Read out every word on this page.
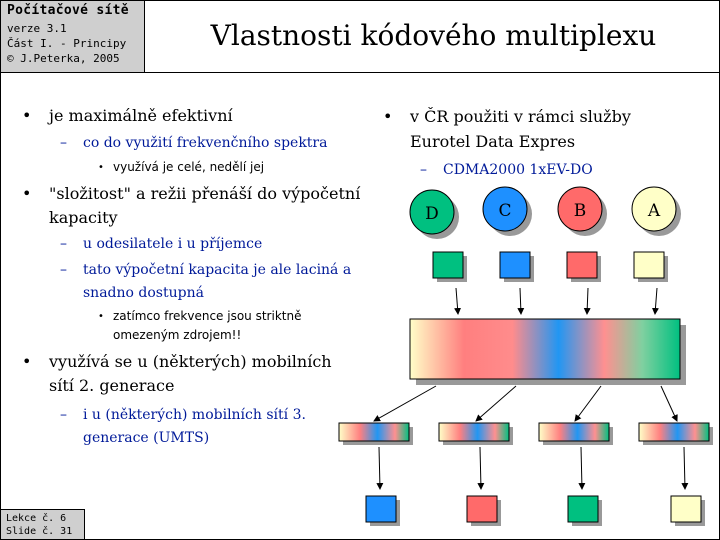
Počítačové sítě
verze 3.1
Část I. - Principy
© J.Peterka, 2005
Vlastnosti kódového multiplexu
• je maximálně efektivní
– co do využití frekvenčního spektra
• využívá je celé, nedělí jej
• "složitost" a režii přenáší do výpočetní
kapacity
– u odesilatele i u příjemce
– tato výpočetní kapacita je ale laciná a
snadno dostupná
• zatímco frekvence jsou striktně
omezeným zdrojem!!
• využívá se u (některých) mobilních
sítí 2. generace
– i u (některých) mobilních sítí 3.
generace (UMTS)
• v ČR použiti v rámci služby
Eurotel Data Expres
– CDMA2000 1xEV-DO
D	C	B	A
Lekce č. 6
Slide č. 31
